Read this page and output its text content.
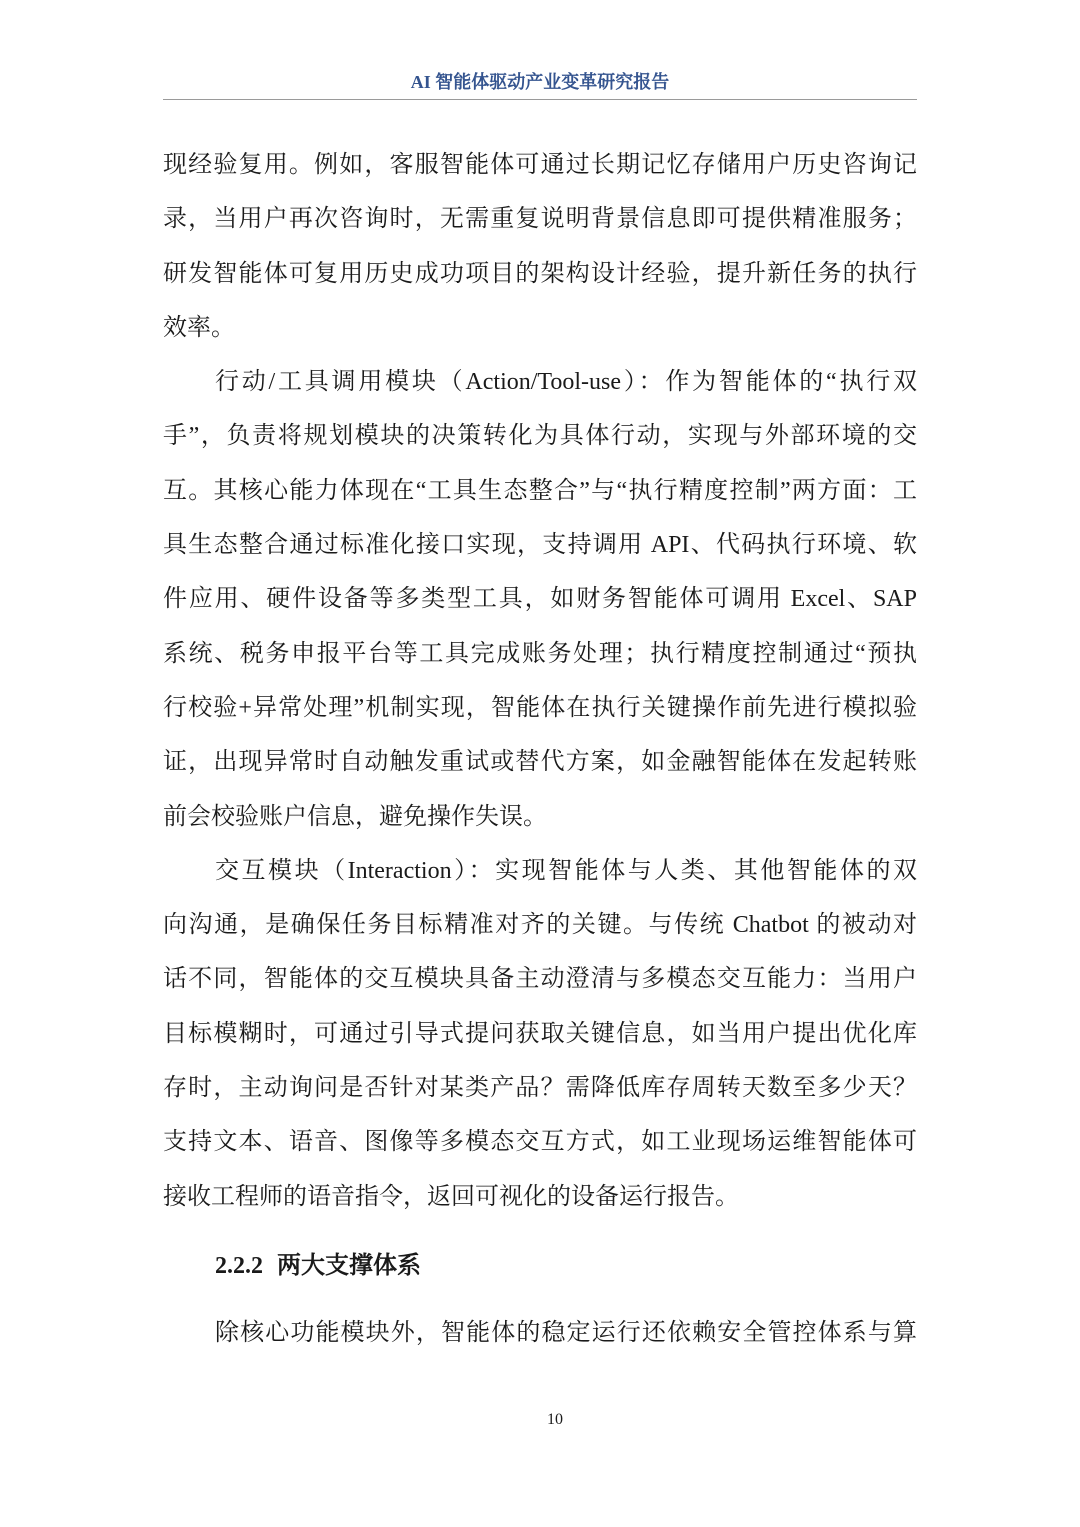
AI 智能体驱动产业变革研究报告
现经验复用。例如，客服智能体可通过长期记忆存储用户历史咨询记
录，当用户再次咨询时，无需重复说明背景信息即可提供精准服务；
研发智能体可复用历史成功项目的架构设计经验，提升新任务的执行
效率。
行动/工具调用模块（Action/Tool-use）：作为智能体的“执行双
手”，负责将规划模块的决策转化为具体行动，实现与外部环境的交
互。其核心能力体现在“工具生态整合”与“执行精度控制”两方面：工
具生态整合通过标准化接口实现，支持调用 API、代码执行环境、软
件应用、硬件设备等多类型工具，如财务智能体可调用 Excel、SAP
系统、税务申报平台等工具完成账务处理；执行精度控制通过“预执
行校验+异常处理”机制实现，智能体在执行关键操作前先进行模拟验
证，出现异常时自动触发重试或替代方案，如金融智能体在发起转账
前会校验账户信息，避免操作失误。
交互模块（Interaction）：实现智能体与人类、其他智能体的双
向沟通，是确保任务目标精准对齐的关键。与传统 Chatbot 的被动对
话不同，智能体的交互模块具备主动澄清与多模态交互能力：当用户
目标模糊时，可通过引导式提问获取关键信息，如当用户提出优化库
存时，主动询问是否针对某类产品？需降低库存周转天数至多少天？
支持文本、语音、图像等多模态交互方式，如工业现场运维智能体可
接收工程师的语音指令，返回可视化的设备运行报告。
2.2.2 两大支撑体系
除核心功能模块外，智能体的稳定运行还依赖安全管控体系与算
10
